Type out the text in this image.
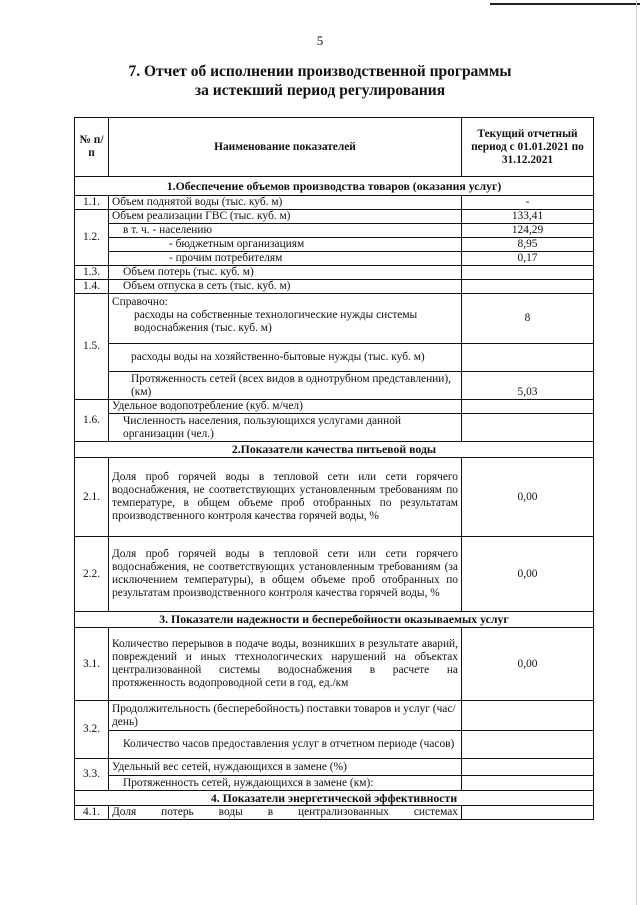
5
7. Отчет об исполнении производственной программы
за истекший период регулирования
№ п/п	Наименование показателей	Текущий отчетный период с 01.01.2021 по 31.12.2021
1.Обеспечение объемов производства товаров (оказания услуг)		
1.1.	Объем поднятой воды (тыс. куб. м)	-
1.2.	Объем реализации ГВС (тыс. куб. м)	133,41
	в т. ч. - населению	124,29
	- бюджетным организациям	8,95
	- прочим потребителям	0,17
1.3.	Объем потерь (тыс. куб. м)	
1.4.	Объем отпуска в сеть (тыс. куб. м)	
1.5.	Справочно:
расходы на собственные технологические нужды системы водоснабжения (тыс. куб. м)	8
	расходы воды на хозяйственно-бытовые нужды (тыс. куб. м)	
	Протяженность сетей (всех видов в однотрубном представлении), (км)	5,03
1.6.	Удельное водопотребление (куб. м/чел)	
	Численность населения, пользующихся услугами данной организации (чел.)	
2.Показатели качества питьевой воды		
2.1.	Доля проб горячей воды в тепловой сети или сети горячего водоснабжения, не соответствующих установленным требованиям по температуре, в общем объеме проб отобранных по результатам производственного контроля качества горячей воды, %	0,00
2.2.	Доля проб горячей воды в тепловой сети или сети горячего водоснабжения, не соответствующих установленным требованиям (за исключением температуры), в общем объеме проб отобранных по результатам производственного контроля качества горячей воды, %	0,00
3. Показатели надежности и бесперебойности оказываемых услуг		
3.1.	Количество перерывов в подаче воды, возникших в результате аварий, повреждений и иных ттехнологических нарушений на объектах централизованной системы водоснабжения в расчете на протяженность водопроводной сети в год, ед./км	0,00
3.2.	Продолжительность (бесперебойность) поставки товаров и услуг (час/день)	
	Количество часов предоставления услуг в отчетном периоде (часов)	
3.3.	Удельный вес сетей, нуждающихся в замене (%)	
	Протяженность сетей, нуждающихся в замене (км):	
4. Показатели энергетической эффективности		
4.1.	Доля потерь воды в централизованных системах	
